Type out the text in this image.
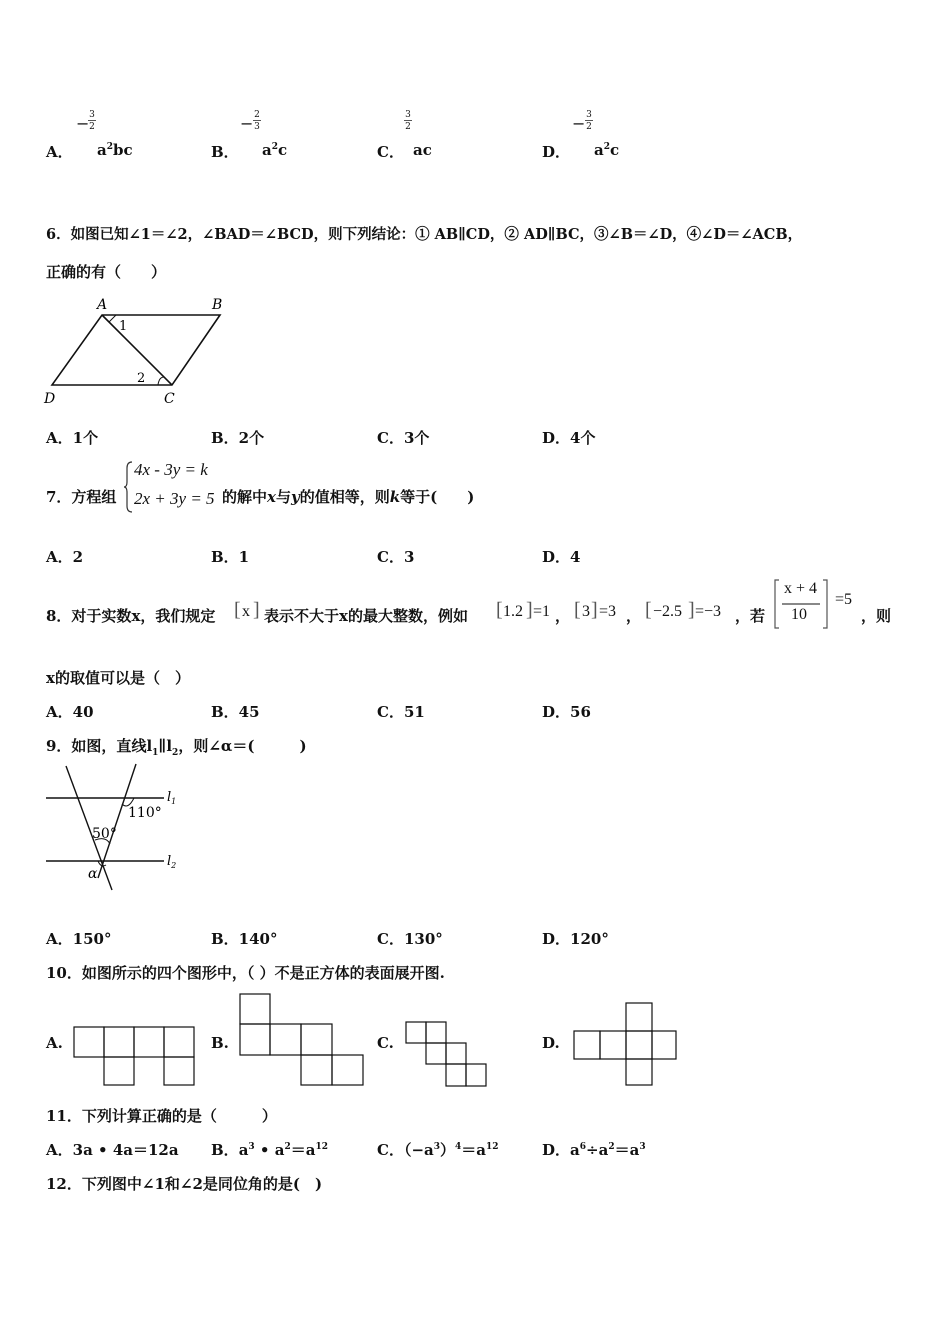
A．
− 3
2
$a^2bc$	B．
− 2
3
$a^2c$	C．
3
2
ac	D．
− 3
2
$a^2c$
6．如图已知∠1＝∠2，∠BAD＝∠BCD，则下列结论：① AB∥CD，② AD∥BC，③∠B＝∠D，④∠D＝∠ACB，
正确的有（　　）
A	B
C
D
1
2
A．1个	B．2个	C．3个	D．4个
7．方程组
4x - 3y = k
2x + 3y = 5 的解中x与y的值相等，则k等于(　　)
A．2	B．1	C．3	D．4
8．对于实数x，我们规定 [ x ] 表示不大于x的最大整数，例如 [ 1.2 ] =1 ， [ 3 ] =3 ， [ −2.5 ] =−3 ，若
x + 4
10
=5
，则
x的取值可以是（　）
A．40	B．45	C．51	D．56
9．如图，直线$l_1\parallel l_2$，则∠α＝(　　　)
$l_1$
$l_2$
110°
50°
α
A．150°	B．140°	C．130°	D．120°
10．如图所示的四个图形中，（ ）不是正方体的表面展开图.
A.	B.	C.	D.
11．下列计算正确的是（　　　）
A．3a • 4a＝12a B．$a^3$ • $a^2=a^{12}$	C．$(-a^3)^4=a^{12}$	D．$a^6\div a^2=a^3$
12．下列图中∠1和∠2是同位角的是(　)
